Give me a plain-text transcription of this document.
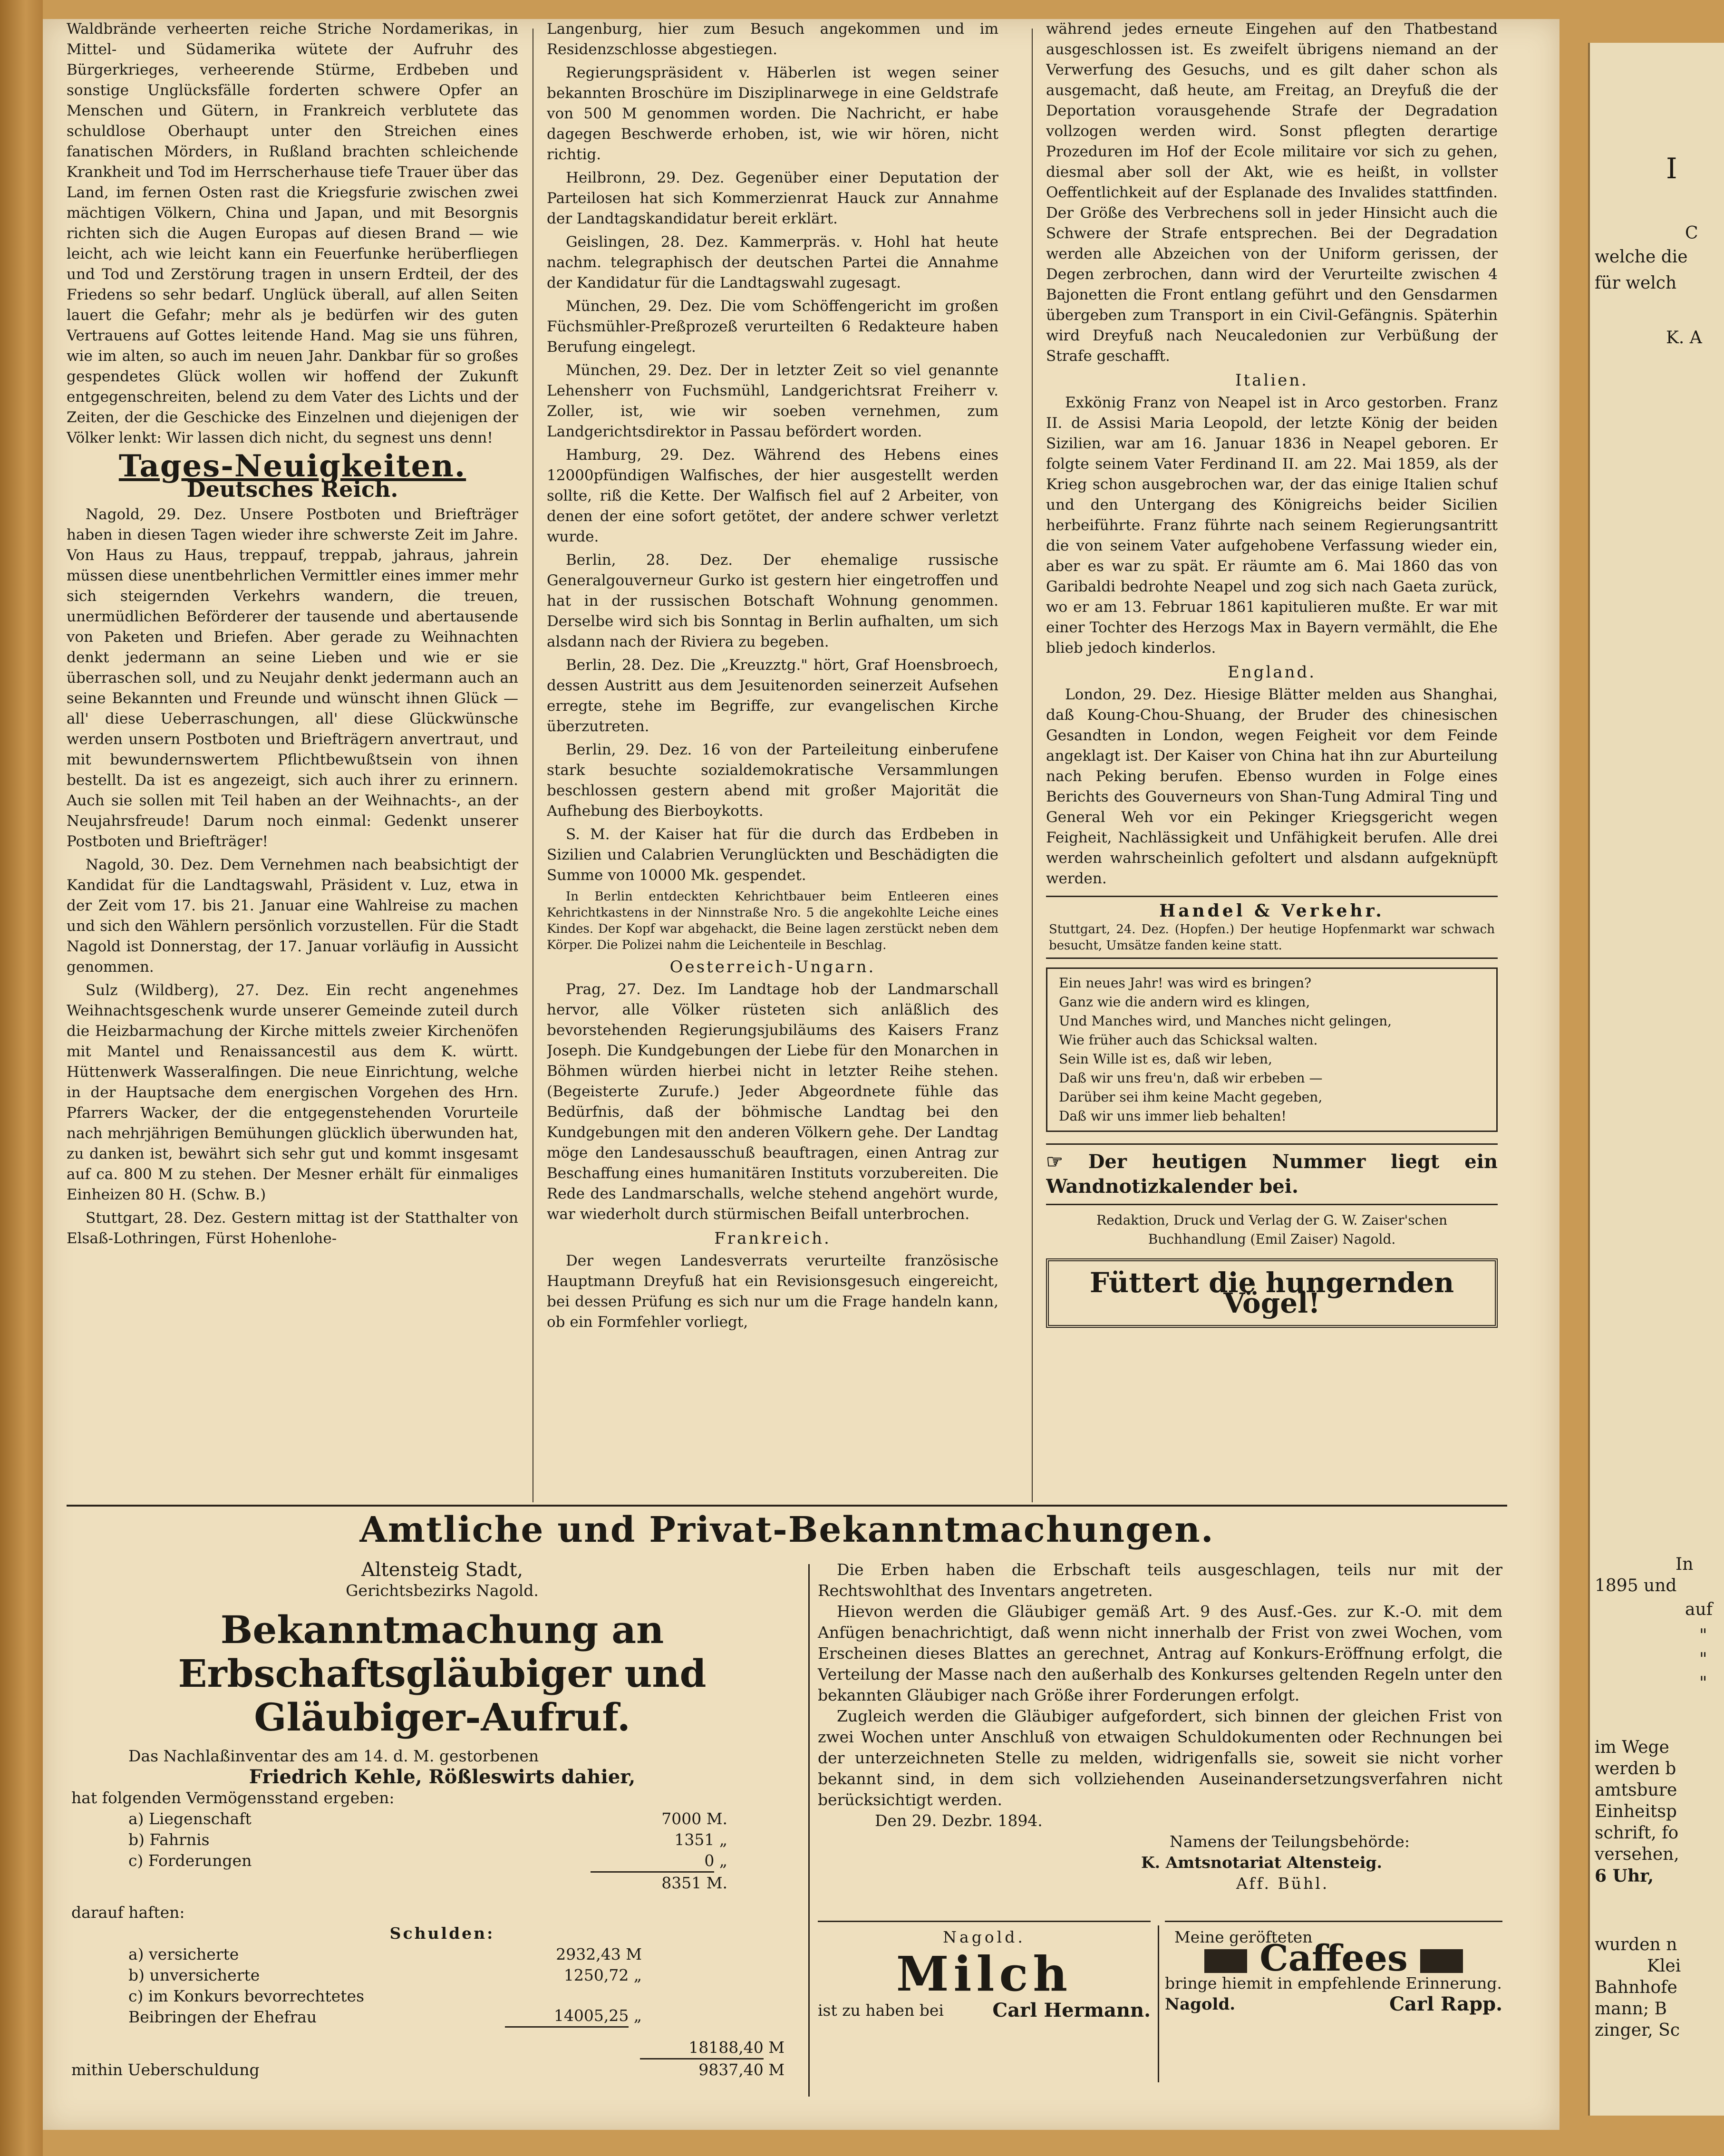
I
C
welche die
für welch
K. A
In
1895 und
auf
"
"
"
im Wege
werden b
amtsbure
Einheitsp
schrift, fo
versehen,
6 Uhr,
wurden n
Klei
Bahnhofe
mann; B
zinger, Sc

Waldbrände verheerten reiche Striche Nordamerikas, in Mittel- und Südamerika wütete der Aufruhr des Bürgerkrieges, verheerende Stürme, Erdbeben und sonstige Unglücksfälle forderten schwere Opfer an Menschen und Gütern, in Frankreich verblutete das schuldlose Oberhaupt unter den Streichen eines fanatischen Mörders, in Rußland brachten schleichende Krankheit und Tod im Herrscherhause tiefe Trauer über das Land, im fernen Osten rast die Kriegsfurie zwischen zwei mächtigen Völkern, China und Japan, und mit Besorgnis richten sich die Augen Europas auf diesen Brand — wie leicht, ach wie leicht kann ein Feuerfunke herüberfliegen und Tod und Zerstörung tragen in unsern Erdteil, der des Friedens so sehr bedarf. Unglück überall, auf allen Seiten lauert die Gefahr; mehr als je bedürfen wir des guten Vertrauens auf Gottes leitende Hand. Mag sie uns führen, wie im alten, so auch im neuen Jahr. Dankbar für so großes gespendetes Glück wollen wir hoffend der Zukunft entgegenschreiten, belend zu dem Vater des Lichts und der Zeiten, der die Geschicke des Einzelnen und diejenigen der Völker lenkt: Wir lassen dich nicht, du segnest uns denn!

Tages-Neuigkeiten.
Deutsches Reich.

Nagold, 29. Dez. Unsere Postboten und Briefträger haben in diesen Tagen wieder ihre schwerste Zeit im Jahre. Von Haus zu Haus, treppauf, treppab, jahraus, jahrein müssen diese unentbehrlichen Vermittler eines immer mehr sich steigernden Verkehrs wandern, die treuen, unermüdlichen Beförderer der tausende und abertausende von Paketen und Briefen. Aber gerade zu Weihnachten denkt jedermann an seine Lieben und wie er sie überraschen soll, und zu Neujahr denkt jedermann auch an seine Bekannten und Freunde und wünscht ihnen Glück — all' diese Ueberraschungen, all' diese Glückwünsche werden unsern Postboten und Briefträgern anvertraut, und mit bewundernswertem Pflichtbewußtsein von ihnen bestellt. Da ist es angezeigt, sich auch ihrer zu erinnern. Auch sie sollen mit Teil haben an der Weihnachts-, an der Neujahrsfreude! Darum noch einmal: Gedenkt unserer Postboten und Briefträger!

Nagold, 30. Dez. Dem Vernehmen nach beabsichtigt der Kandidat für die Landtagswahl, Präsident v. Luz, etwa in der Zeit vom 17. bis 21. Januar eine Wahlreise zu machen und sich den Wählern persönlich vorzustellen. Für die Stadt Nagold ist Donnerstag, der 17. Januar vorläufig in Aussicht genommen.

Sulz (Wildberg), 27. Dez. Ein recht angenehmes Weihnachtsgeschenk wurde unserer Gemeinde zuteil durch die Heizbarmachung der Kirche mittels zweier Kirchenöfen mit Mantel und Renaissancestil aus dem K. württ. Hüttenwerk Wasseralfingen. Die neue Einrichtung, welche in der Hauptsache dem energischen Vorgehen des Hrn. Pfarrers Wacker, der die entgegenstehenden Vorurteile nach mehrjährigen Bemühungen glücklich überwunden hat, zu danken ist, bewährt sich sehr gut und kommt insgesamt auf ca. 800 M zu stehen. Der Mesner erhält für einmaliges Einheizen 80 H. (Schw. B.)

Stuttgart, 28. Dez. Gestern mittag ist der Statthalter von Elsaß-Lothringen, Fürst Hohenlohe-

Langenburg, hier zum Besuch angekommen und im Residenzschlosse abgestiegen.

Regierungspräsident v. Häberlen ist wegen seiner bekannten Broschüre im Disziplinarwege in eine Geldstrafe von 500 M genommen worden. Die Nachricht, er habe dagegen Beschwerde erhoben, ist, wie wir hören, nicht richtig.

Heilbronn, 29. Dez. Gegenüber einer Deputation der Parteilosen hat sich Kommerzienrat Hauck zur Annahme der Landtagskandidatur bereit erklärt.

Geislingen, 28. Dez. Kammerpräs. v. Hohl hat heute nachm. telegraphisch der deutschen Partei die Annahme der Kandidatur für die Landtagswahl zugesagt.

München, 29. Dez. Die vom Schöffengericht im großen Füchsmühler-Preßprozeß verurteilten 6 Redakteure haben Berufung eingelegt.

München, 29. Dez. Der in letzter Zeit so viel genannte Lehensherr von Fuchsmühl, Landgerichtsrat Freiherr v. Zoller, ist, wie wir soeben vernehmen, zum Landgerichtsdirektor in Passau befördert worden.

Hamburg, 29. Dez. Während des Hebens eines 12000pfündigen Walfisches, der hier ausgestellt werden sollte, riß die Kette. Der Walfisch fiel auf 2 Arbeiter, von denen der eine sofort getötet, der andere schwer verletzt wurde.

Berlin, 28. Dez. Der ehemalige russische Generalgouverneur Gurko ist gestern hier eingetroffen und hat in der russischen Botschaft Wohnung genommen. Derselbe wird sich bis Sonntag in Berlin aufhalten, um sich alsdann nach der Riviera zu begeben.

Berlin, 28. Dez. Die „Kreuzztg." hört, Graf Hoensbroech, dessen Austritt aus dem Jesuitenorden seinerzeit Aufsehen erregte, stehe im Begriffe, zur evangelischen Kirche überzutreten.

Berlin, 29. Dez. 16 von der Parteileitung einberufene stark besuchte sozialdemokratische Versammlungen beschlossen gestern abend mit großer Majorität die Aufhebung des Bierboykotts.

S. M. der Kaiser hat für die durch das Erdbeben in Sizilien und Calabrien Verunglückten und Beschädigten die Summe von 10000 Mk. gespendet.

In Berlin entdeckten Kehrichtbauer beim Entleeren eines Kehrichtkastens in der Ninnstraße Nro. 5 die angekohlte Leiche eines Kindes. Der Kopf war abgehackt, die Beine lagen zerstückt neben dem Körper. Die Polizei nahm die Leichenteile in Beschlag.

Oesterreich-Ungarn.

Prag, 27. Dez. Im Landtage hob der Landmarschall hervor, alle Völker rüsteten sich anläßlich des bevorstehenden Regierungsjubiläums des Kaisers Franz Joseph. Die Kundgebungen der Liebe für den Monarchen in Böhmen würden hierbei nicht in letzter Reihe stehen. (Begeisterte Zurufe.) Jeder Abgeordnete fühle das Bedürfnis, daß der böhmische Landtag bei den Kundgebungen mit den anderen Völkern gehe. Der Landtag möge den Landesausschuß beauftragen, einen Antrag zur Beschaffung eines humanitären Instituts vorzubereiten. Die Rede des Landmarschalls, welche stehend angehört wurde, war wiederholt durch stürmischen Beifall unterbrochen.

Frankreich.

Der wegen Landesverrats verurteilte französische Hauptmann Dreyfuß hat ein Revisionsgesuch eingereicht, bei dessen Prüfung es sich nur um die Frage handeln kann, ob ein Formfehler vorliegt,

während jedes erneute Eingehen auf den Thatbestand ausgeschlossen ist. Es zweifelt übrigens niemand an der Verwerfung des Gesuchs, und es gilt daher schon als ausgemacht, daß heute, am Freitag, an Dreyfuß die der Deportation vorausgehende Strafe der Degradation vollzogen werden wird. Sonst pflegten derartige Prozeduren im Hof der Ecole militaire vor sich zu gehen, diesmal aber soll der Akt, wie es heißt, in vollster Oeffentlichkeit auf der Esplanade des Invalides stattfinden. Der Größe des Verbrechens soll in jeder Hinsicht auch die Schwere der Strafe entsprechen. Bei der Degradation werden alle Abzeichen von der Uniform gerissen, der Degen zerbrochen, dann wird der Verurteilte zwischen 4 Bajonetten die Front entlang geführt und den Gensdarmen übergeben zum Transport in ein Civil-Gefängnis. Späterhin wird Dreyfuß nach Neucaledonien zur Verbüßung der Strafe geschafft.

Italien.

Exkönig Franz von Neapel ist in Arco gestorben. Franz II. de Assisi Maria Leopold, der letzte König der beiden Sizilien, war am 16. Januar 1836 in Neapel geboren. Er folgte seinem Vater Ferdinand II. am 22. Mai 1859, als der Krieg schon ausgebrochen war, der das einige Italien schuf und den Untergang des Königreichs beider Sicilien herbeiführte. Franz führte nach seinem Regierungsantritt die von seinem Vater aufgehobene Verfassung wieder ein, aber es war zu spät. Er räumte am 6. Mai 1860 das von Garibaldi bedrohte Neapel und zog sich nach Gaeta zurück, wo er am 13. Februar 1861 kapitulieren mußte. Er war mit einer Tochter des Herzogs Max in Bayern vermählt, die Ehe blieb jedoch kinderlos.

England.

London, 29. Dez. Hiesige Blätter melden aus Shanghai, daß Koung-Chou-Shuang, der Bruder des chinesischen Gesandten in London, wegen Feigheit vor dem Feinde angeklagt ist. Der Kaiser von China hat ihn zur Aburteilung nach Peking berufen. Ebenso wurden in Folge eines Berichts des Gouverneurs von Shan-Tung Admiral Ting und General Weh vor ein Pekinger Kriegsgericht wegen Feigheit, Nachlässigkeit und Unfähigkeit berufen. Alle drei werden wahrscheinlich gefoltert und alsdann aufgeknüpft werden.

Handel & Verkehr.
Stuttgart, 24. Dez. (Hopfen.) Der heutige Hopfenmarkt war schwach besucht, Umsätze fanden keine statt.
Ein neues Jahr! was wird es bringen?
Ganz wie die andern wird es klingen,
Und Manches wird, und Manches nicht gelingen,
Wie früher auch das Schicksal walten.
Sein Wille ist es, daß wir leben,
Daß wir uns freu'n, daß wir erbeben —
Darüber sei ihm keine Macht gegeben,
Daß wir uns immer lieb behalten!
☞ Der heutigen Nummer liegt ein Wandnotizkalender bei.
Redaktion, Druck und Verlag der G. W. Zaiser'schen
Buchhandlung (Emil Zaiser) Nagold.
Füttert die hungernden Vögel!
Amtliche und Privat-Bekanntmachungen.
Altensteig Stadt,
Gerichtsbezirks Nagold.
Bekanntmachung an Erbschaftsgläubiger und Gläubiger-Aufruf.
Das Nachlaßinventar des am 14. d. M. gestorbenen
Friedrich Kehle, Rößleswirts dahier,
hat folgenden Vermögensstand ergeben:
a) Liegenschaft	7000 M.
b) Fahrnis	1351 „
c) Forderungen	0 „
8351 M.
darauf haften:
Schulden:
a) versicherte	2932,43 M
b) unversicherte	1250,72 „
c) im Konkurs bevorrechtetes Beibringen der Ehefrau	14005,25 „
18188,40 M
mithin Ueberschuldung	9837,40 M

Die Erben haben die Erbschaft teils ausgeschlagen, teils nur mit der Rechtswohlthat des Inventars angetreten.

Hievon werden die Gläubiger gemäß Art. 9 des Ausf.-Ges. zur K.-O. mit dem Anfügen benachrichtigt, daß wenn nicht innerhalb der Frist von zwei Wochen, vom Erscheinen dieses Blattes an gerechnet, Antrag auf Konkurs-Eröffnung erfolgt, die Verteilung der Masse nach den außerhalb des Konkurses geltenden Regeln unter den bekannten Gläubiger nach Größe ihrer Forderungen erfolgt.

Zugleich werden die Gläubiger aufgefordert, sich binnen der gleichen Frist von zwei Wochen unter Anschluß von etwaigen Schuldokumenten oder Rechnungen bei der unterzeichneten Stelle zu melden, widrigenfalls sie, soweit sie nicht vorher bekannt sind, in dem sich vollziehenden Auseinandersetzungsverfahren nicht berücksichtigt werden.

Den 29. Dezbr. 1894.
Namens der Teilungsbehörde:
K. Amtsnotariat Altensteig.
Aff. Bühl.
Nagold.
Milch
ist zu haben bei	Carl Hermann.
Meine geröfteten
Caffees
bringe hiemit in empfehlende Erinnerung.
Nagold.	Carl Rapp.
